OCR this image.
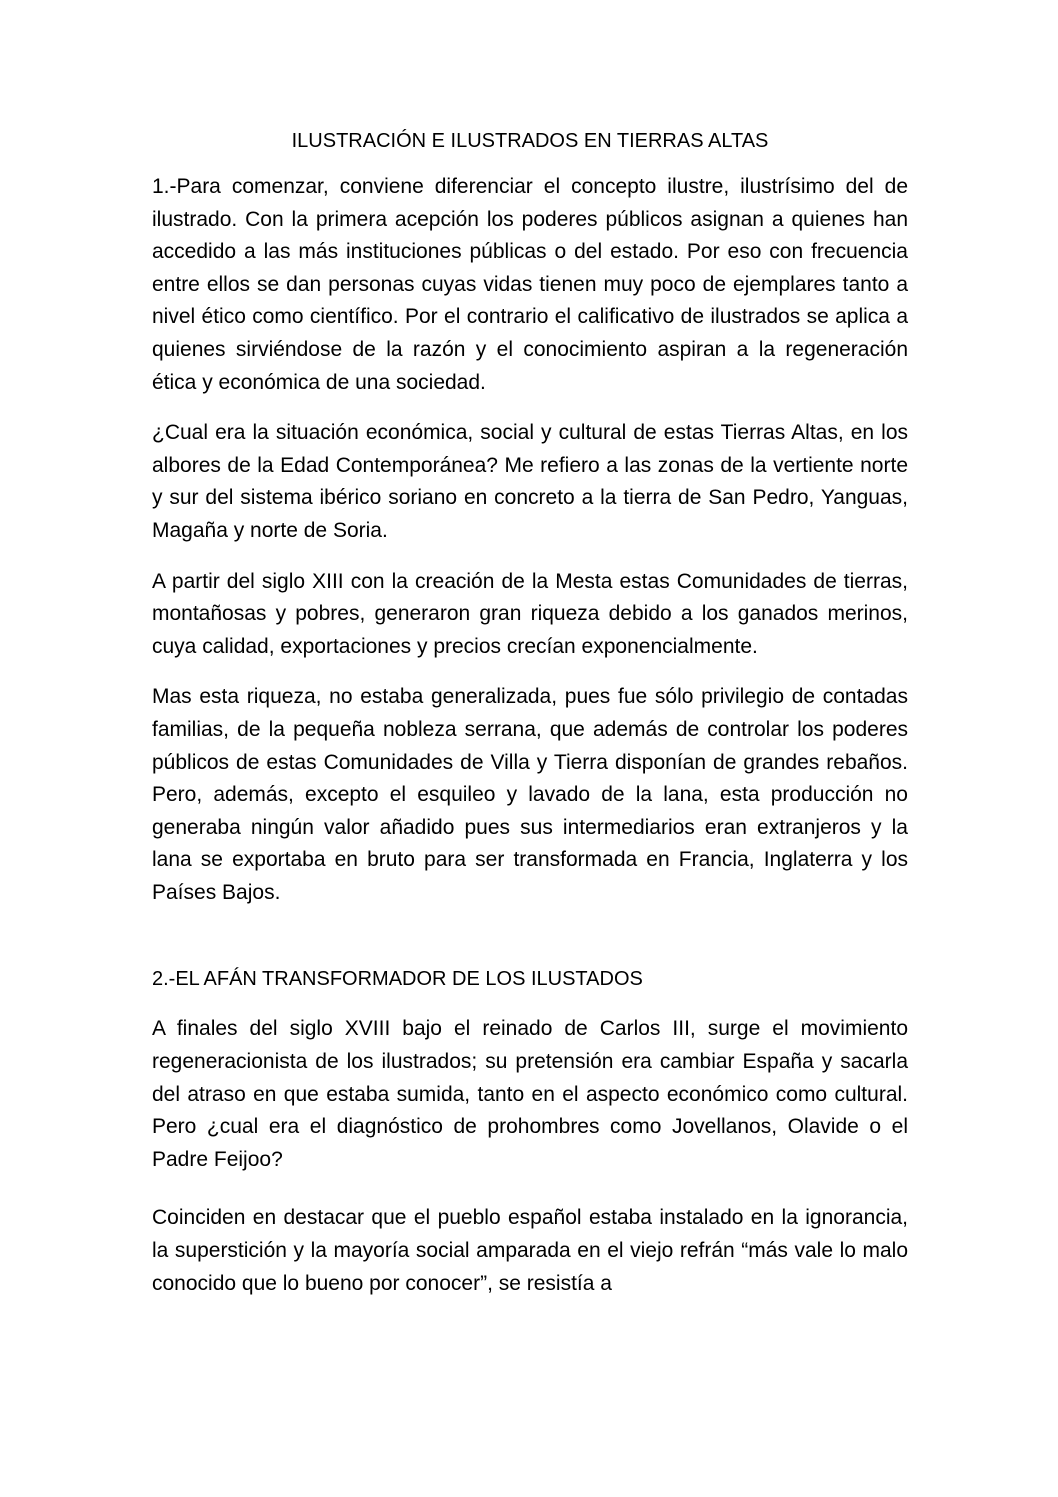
ILUSTRACIÓN E ILUSTRADOS EN TIERRAS ALTAS

1.-Para comenzar, conviene diferenciar el concepto ilustre, ilustrísimo del de ilustrado. Con la primera acepción los poderes públicos asignan a quienes han accedido a las más instituciones públicas o del estado. Por eso con frecuencia entre ellos se dan personas cuyas vidas tienen muy poco de ejemplares tanto a nivel ético como científico. Por el contrario el calificativo de ilustrados se aplica a quienes sirviéndose de la razón y el conocimiento aspiran a la regeneración ética y económica de una sociedad.

¿Cual era la situación económica, social y cultural de estas Tierras Altas, en los albores de la Edad Contemporánea? Me refiero a las zonas de la vertiente norte y sur del sistema ibérico soriano en concreto a la tierra de San Pedro, Yanguas, Magaña y norte de Soria.

A partir del siglo XIII con la creación de la Mesta estas Comunidades de tierras, montañosas y pobres, generaron gran riqueza debido a los ganados merinos, cuya calidad, exportaciones y precios crecían exponencialmente.

Mas esta riqueza, no estaba generalizada, pues fue sólo privilegio de contadas familias, de la pequeña nobleza serrana, que además de controlar los poderes públicos de estas Comunidades de Villa y Tierra disponían de grandes rebaños. Pero, además, excepto el esquileo y lavado de la lana, esta producción no generaba ningún valor añadido pues sus intermediarios eran extranjeros y la lana se exportaba en bruto para ser transformada en Francia, Inglaterra y los Países Bajos.

2.-EL AFÁN TRANSFORMADOR DE LOS ILUSTADOS

A finales del siglo XVIII bajo el reinado de Carlos III, surge el movimiento regeneracionista de los ilustrados; su pretensión era cambiar España y sacarla del atraso en que estaba sumida, tanto en el aspecto económico como cultural. Pero ¿cual era el diagnóstico de prohombres como Jovellanos, Olavide o el Padre Feijoo?

Coinciden en destacar que el pueblo español estaba instalado en la ignorancia, la superstición y la mayoría social amparada en el viejo refrán “más vale lo malo conocido que lo bueno por conocer”, se resistía a
